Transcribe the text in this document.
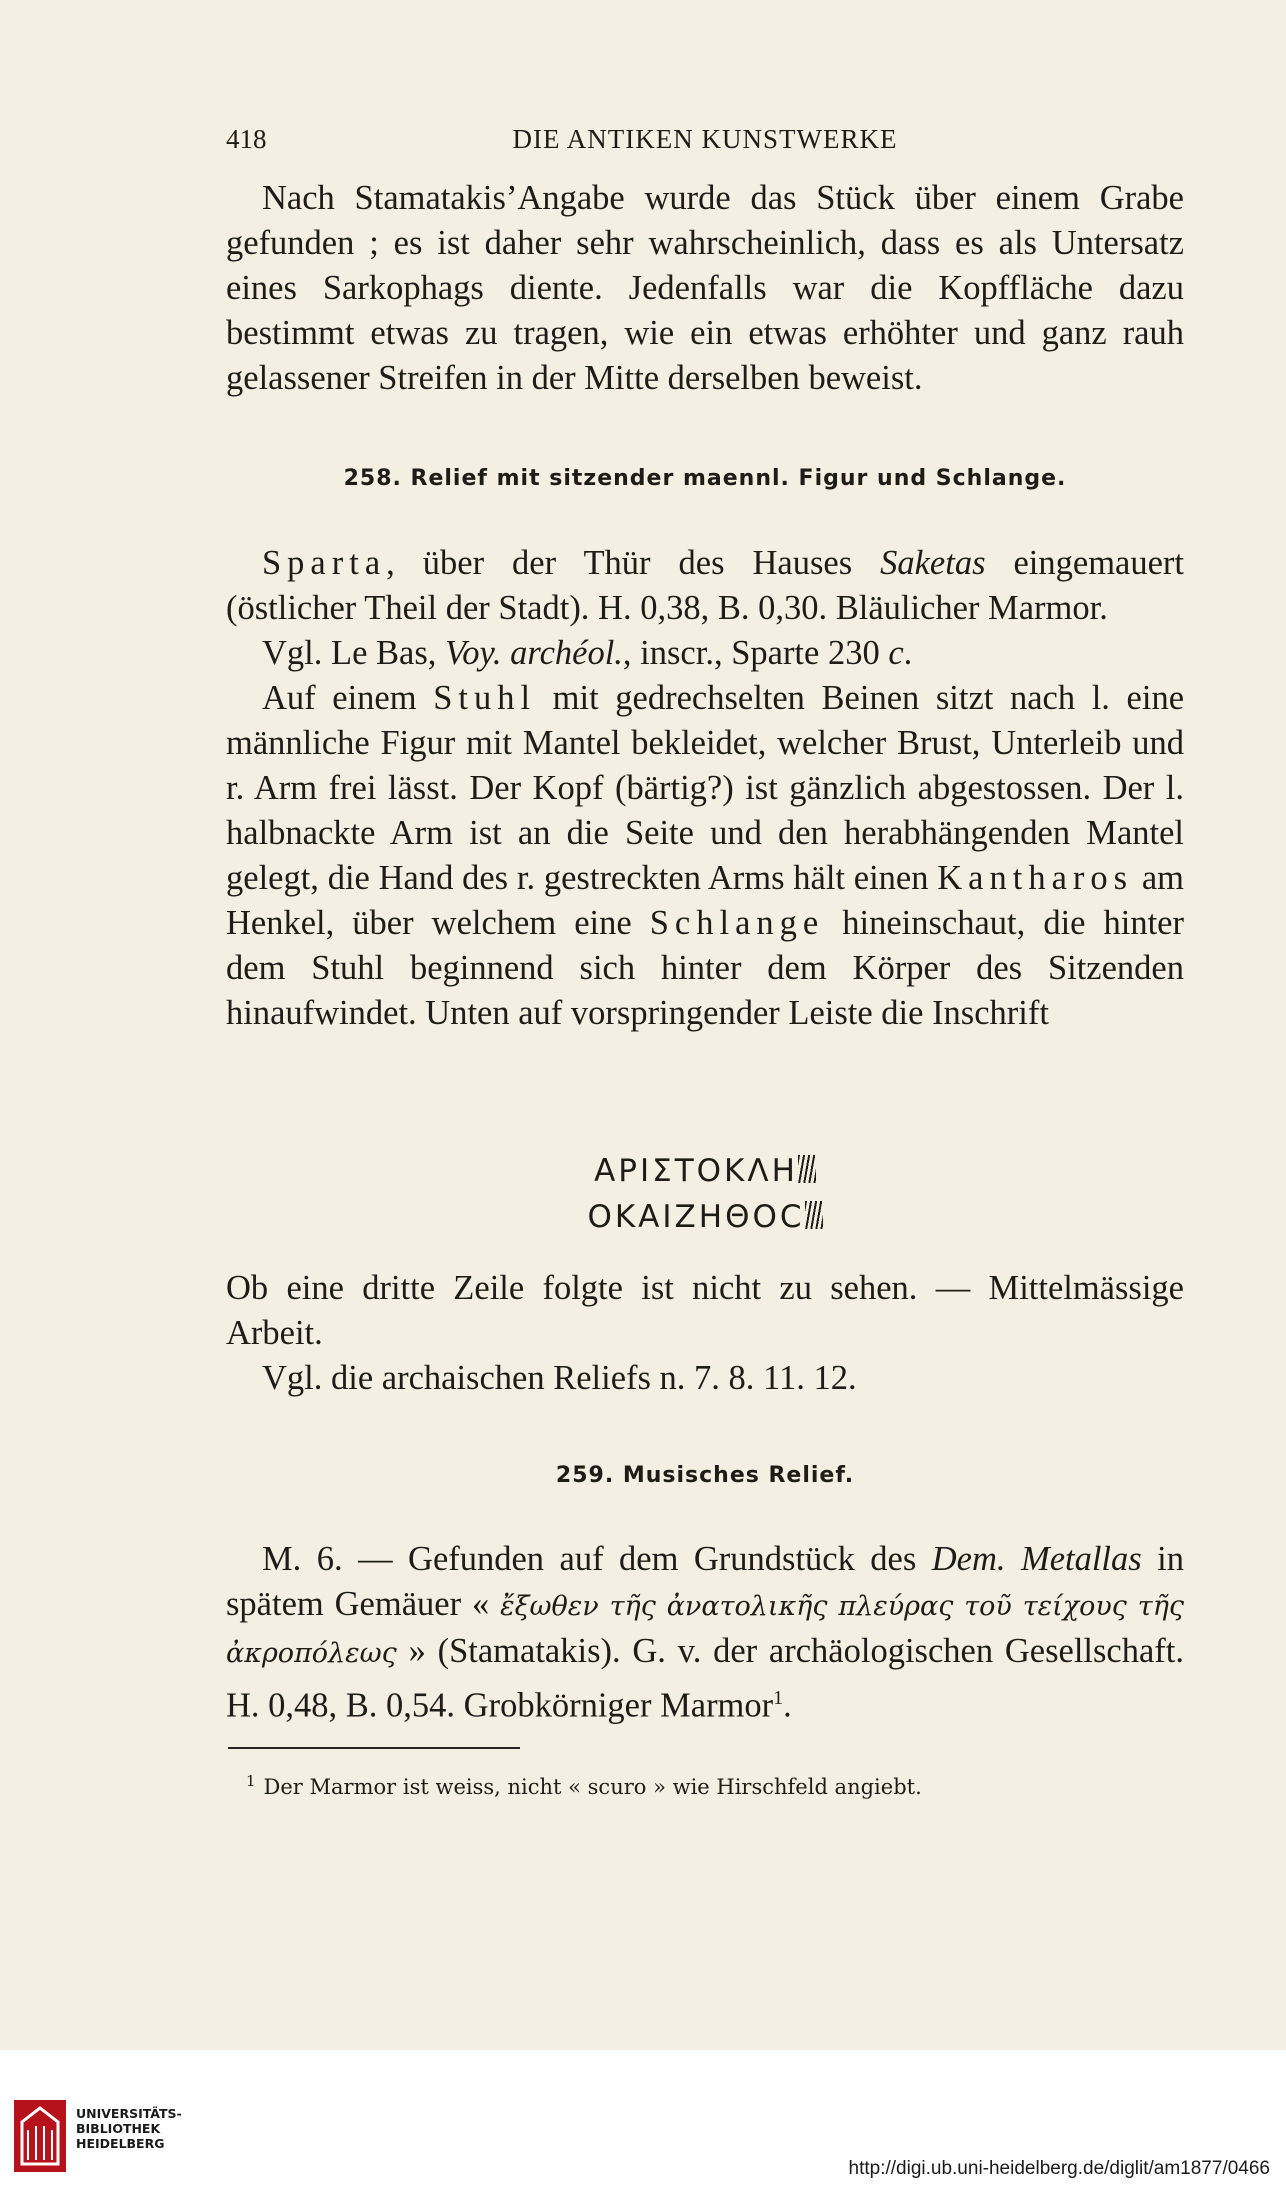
418	DIE ANTIKEN KUNSTWERKE

Nach Stamatakis’Angabe wurde das Stück über einem Grabe gefunden ; es ist daher sehr wahrscheinlich, dass es als Untersatz eines Sarkophags diente. Jedenfalls war die Kopffläche dazu bestimmt etwas zu tragen, wie ein etwas erhöhter und ganz rauh gelassener Streifen in der Mitte derselben beweist.

258. Relief mit sitzender maennl. Figur und Schlange.

Sparta, über der Thür des Hauses Saketas eingemauert (östlicher Theil der Stadt). H. 0,38, B. 0,30. Bläulicher Marmor.

Vgl. Le Bas, Voy. archéol., inscr., Sparte 230 c.

Auf einem Stuhl mit gedrechselten Beinen sitzt nach l. eine männliche Figur mit Mantel bekleidet, welcher Brust, Unterleib und r. Arm frei lässt. Der Kopf (bärtig?) ist gänzlich abgestossen. Der l. halbnackte Arm ist an die Seite und den herabhängenden Mantel gelegt, die Hand des r. gestreckten Arms hält einen Kantharos am Henkel, über welchem eine Schlange hineinschaut, die hinter dem Stuhl beginnend sich hinter dem Körper des Sitzenden hinaufwindet. Unten auf vorspringender Leiste die Inschrift

ΑΡΙΣΤΟΚΛΗ
ΟΚΑΙΖΗΘΟϹ

Ob eine dritte Zeile folgte ist nicht zu sehen. — Mittelmässige Arbeit.

Vgl. die archaischen Reliefs n. 7. 8. 11. 12.

259. Musisches Relief.

M. 6. — Gefunden auf dem Grundstück des Dem. Metallas in spätem Gemäuer « ἔξωθεν τῆς ἀνατολικῆς πλεύρας τοῦ τείχους τῆς ἀκροπόλεως » (Stamatakis). G. v. der archäologischen Gesellschaft. H. 0,48, B. 0,54. Grobkörniger Marmor$^1$.

$^1$ Der Marmor ist weiss, nicht « scuro » wie Hirschfeld angiebt.
UNIVERSITÄTS-
BIBLIOTHEK
HEIDELBERG
http://digi.ub.uni-heidelberg.de/diglit/am1877/0466
